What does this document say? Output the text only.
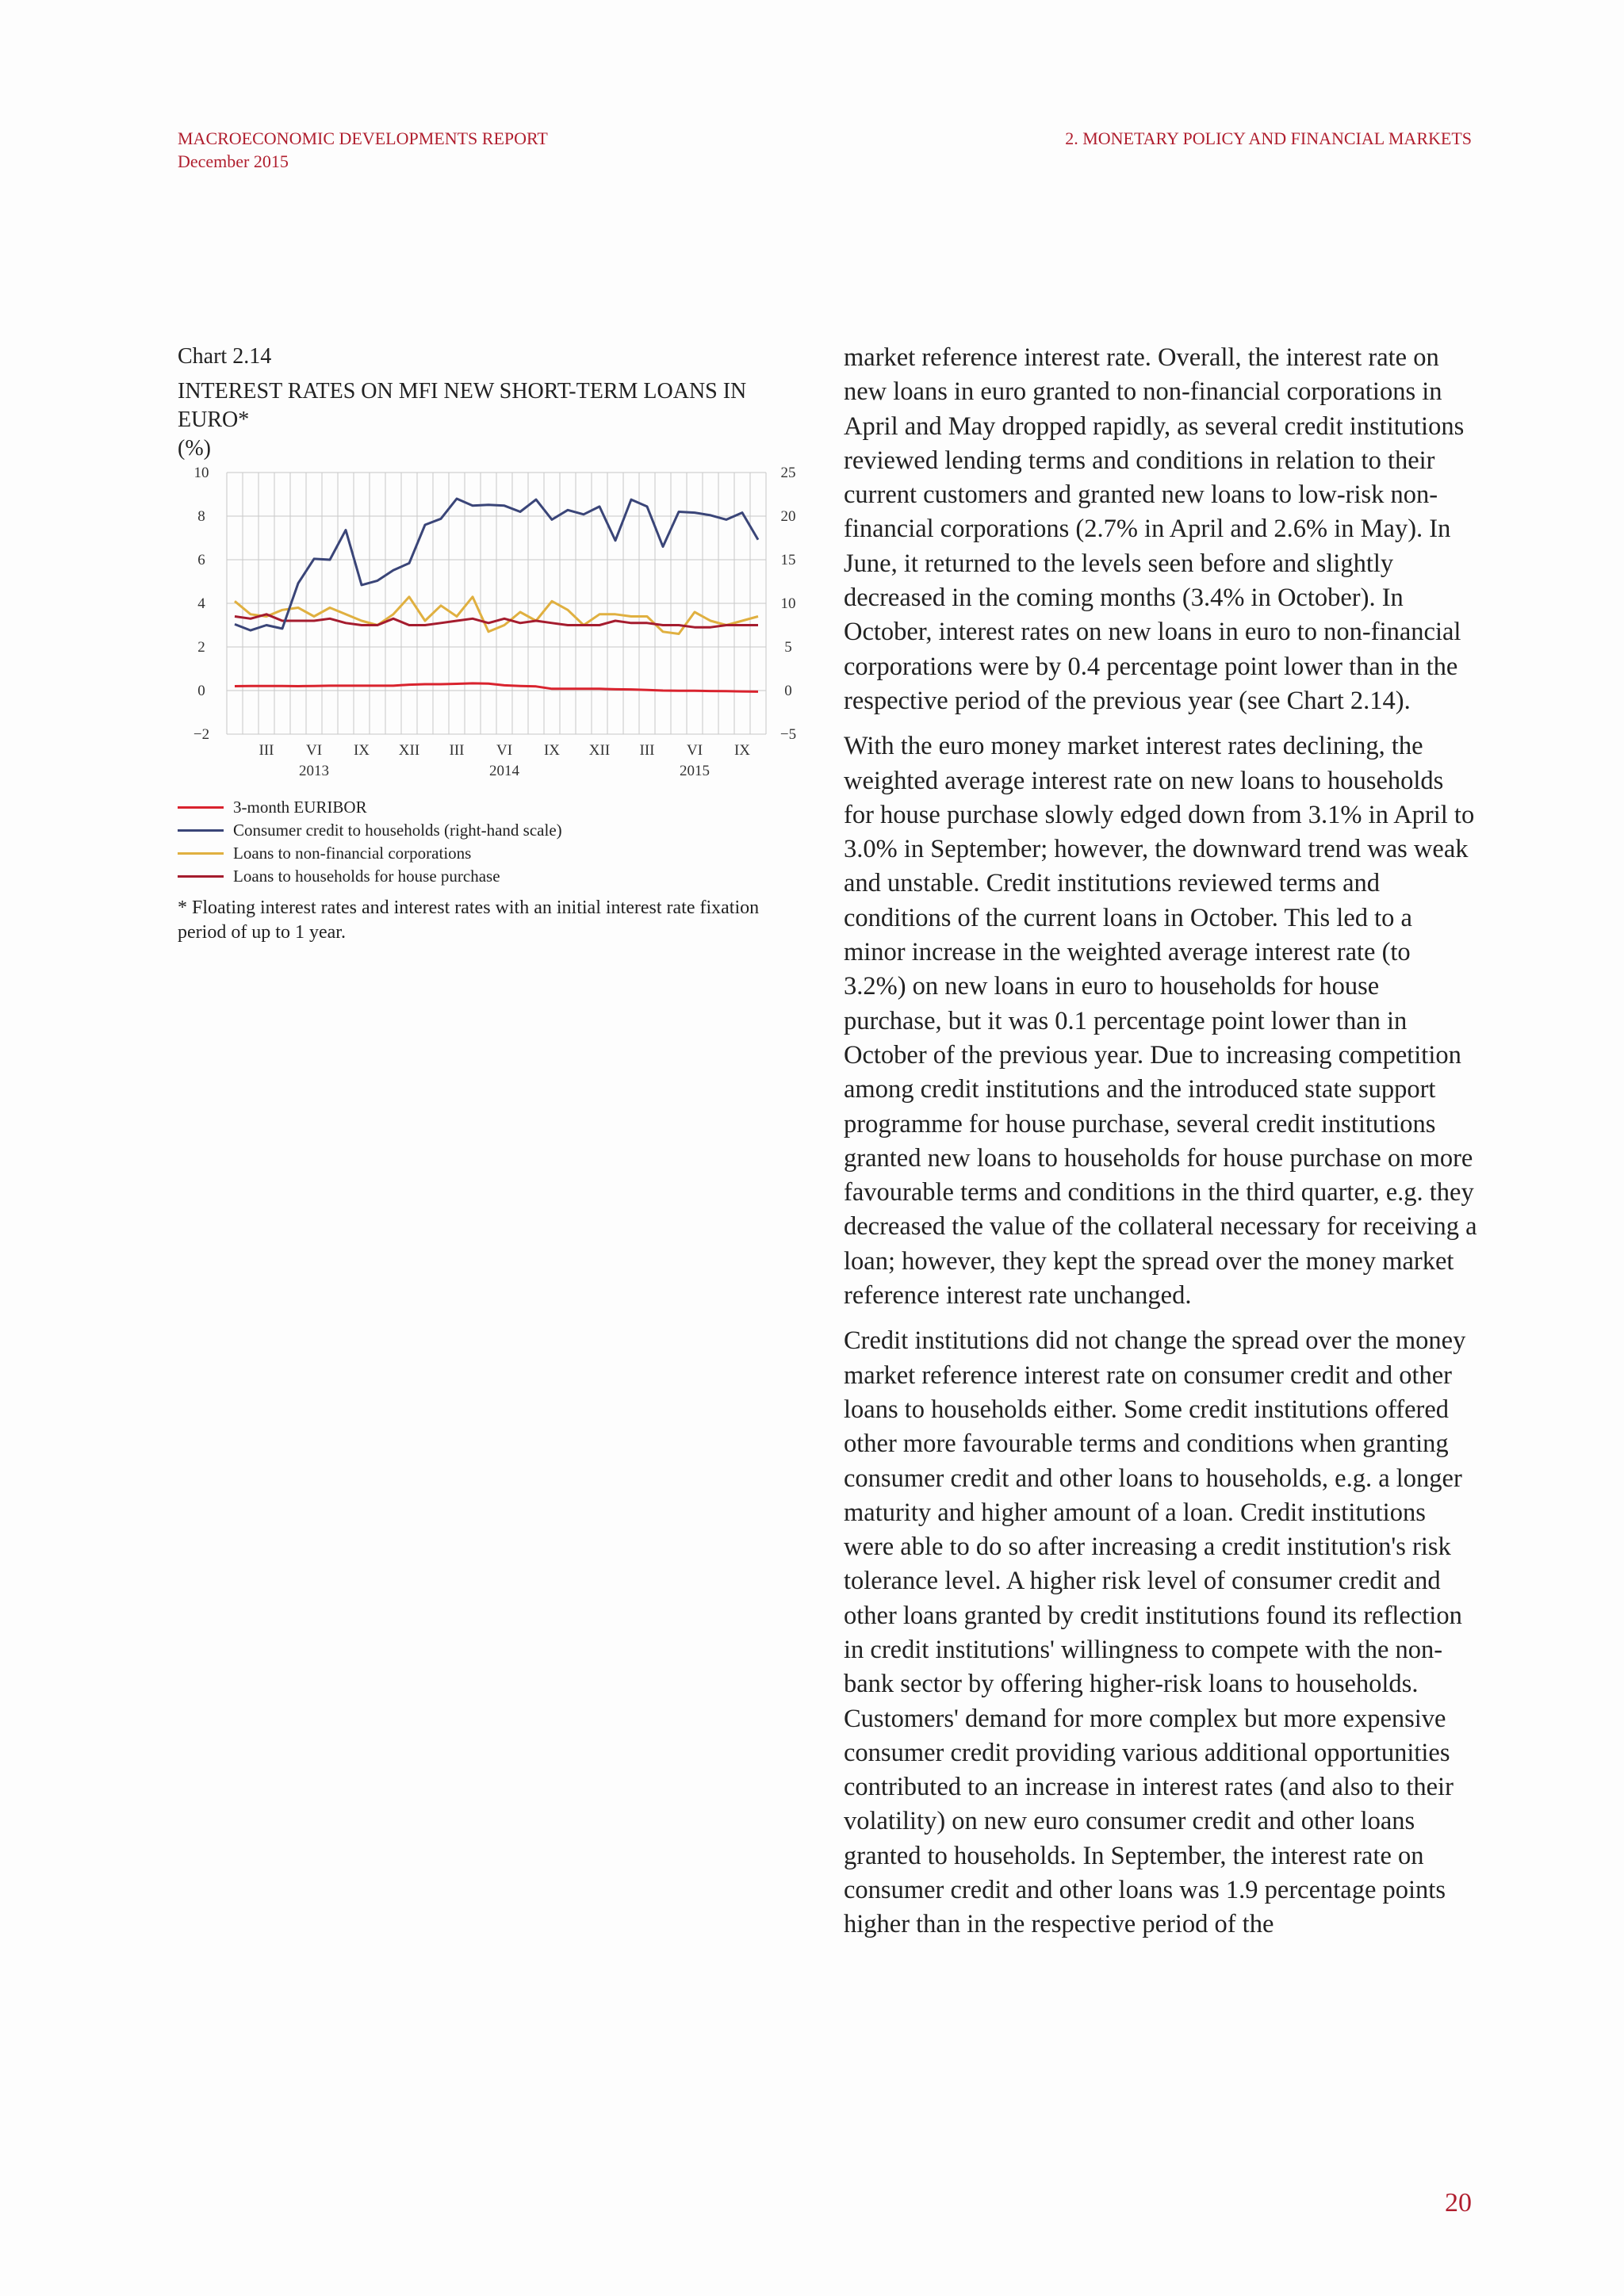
MACROECONOMIC DEVELOPMENTS REPORT
December 2015
2. MONETARY POLICY AND FINANCIAL MARKETS
Chart 2.14
INTEREST RATES ON MFI NEW SHORT-TERM LOANS IN EURO*
(%)
10	25
8	20
6	15
4	10
2	5
0	0
−2	−5
III VI IX XII III VI IX XII III VI IX
2013	2014	2015
3-month EURIBOR
Consumer credit to households (right-hand scale)
Loans to non-financial corporations
Loans to households for house purchase
* Floating interest rates and interest rates with an initial interest rate fixation period of up to 1 year.

market reference interest rate. Overall, the interest rate on new loans in euro granted to non-financial corporations in April and May dropped rapidly, as several credit institutions reviewed lending terms and conditions in relation to their current customers and granted new loans to low-risk non-financial corporations (2.7% in April and 2.6% in May). In June, it returned to the levels seen before and slightly decreased in the coming months (3.4% in October). In October, interest rates on new loans in euro to non-financial corporations were by 0.4 percentage point lower than in the respective period of the previous year (see Chart 2.14).

With the euro money market interest rates declining, the weighted average interest rate on new loans to households for house purchase slowly edged down from 3.1% in April to 3.0% in September; however, the downward trend was weak and unstable. Credit institutions reviewed terms and conditions of the current loans in October. This led to a minor increase in the weighted average interest rate (to 3.2%) on new loans in euro to households for house purchase, but it was 0.1 percentage point lower than in October of the previous year. Due to increasing competition among credit institutions and the introduced state support programme for house purchase, several credit institutions granted new loans to households for house purchase on more favourable terms and conditions in the third quarter, e.g. they decreased the value of the collateral necessary for receiving a loan; however, they kept the spread over the money market reference interest rate unchanged.

Credit institutions did not change the spread over the money market reference interest rate on consumer credit and other loans to households either. Some credit institutions offered other more favourable terms and conditions when granting consumer credit and other loans to households, e.g. a longer maturity and higher amount of a loan. Credit institutions were able to do so after increasing a credit institution's risk tolerance level. A higher risk level of consumer credit and other loans granted by credit institutions found its reflection in credit institutions' willingness to compete with the non-bank sector by offering higher-risk loans to households. Customers' demand for more complex but more expensive consumer credit providing various additional opportunities contributed to an increase in interest rates (and also to their volatility) on new euro consumer credit and other loans granted to households. In September, the interest rate on consumer credit and other loans was 1.9 percentage points higher than in the respective period of the

20
